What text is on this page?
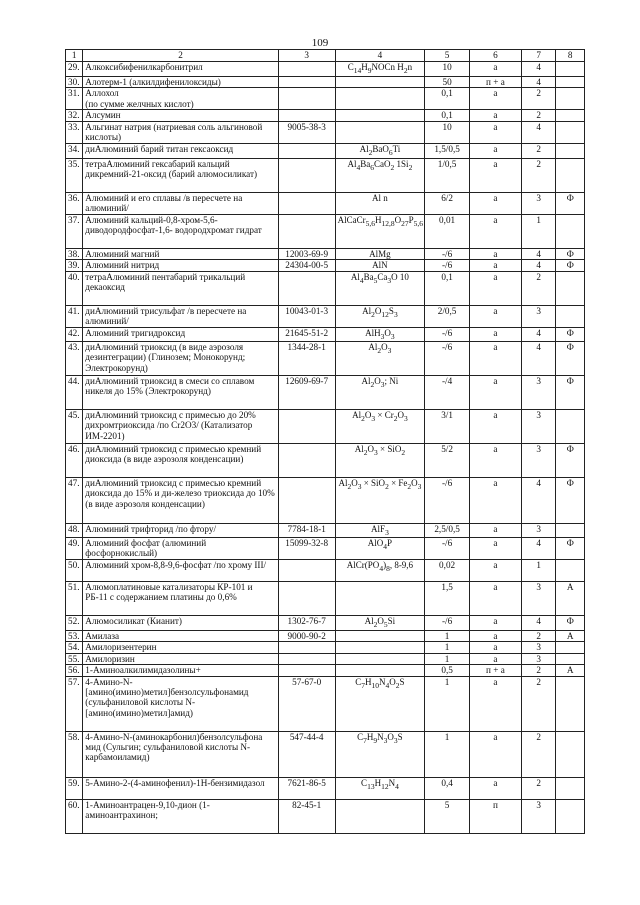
109
1	2	3	4	5	6	7	8
29.	Алкоксибифенилкарбонитрил		$C_{14}H_9NOCn$ $H_2n$	10	а	4	
30.	Алотерм-1 (алкилдифенилоксиды)			50	п + а	4	
31.	Аллохол
(по сумме желчных кислот)			0,1	а	2	
32.	Алсумин			0,1	а	2	
33.	Альгинат натрия (натриевая соль альгиновой кислоты)	9005-38-3		10	а	4	
34.	диАлюминий барий титан гексаоксид		$Al_2BaO_6Ti$	1,5/0,5	а	2	
35.	тетраАлюминий гексабарий кальций дикремний-21-оксид (барий алюмосиликат)		$Al_4Ba_6CaO_2$ $1Si_2$	1/0,5	а	2	
36.	Алюминий и его сплавы /в пересчете на алюминий/		Al n	6/2	а	3	Ф
37.	Алюминий кальций-0,8-хром-5,6-диводородфосфат-1,6- водородхромат гидрат		$AlCaCr_{5,6}H_{12,8}O_{27}P_{5,6}$	0,01	а	1	
38.	Алюминий магний	12003-69-9	AlMg	-/6	а	4	Ф
39.	Алюминий нитрид	24304-00-5	AlN	-/6	а	4	Ф
40.	тетраАлюминий пентабарий трикальций декаоксид		$Al_4Ba_5Ca_3O$ 10	0,1	а	2	
41.	диАлюминий трисульфат /в пересчете на алюминий/	10043-01-3	$Al_2O_{12}S_3$	2/0,5	а	3	
42.	Алюминий тригидроксид	21645-51-2	$AlH_3O_3$	-/6	а	4	Ф
43.	диАлюминий триоксид (в виде аэрозоля дезинтеграции) (Глинозем; Монокорунд; Электрокорунд)	1344-28-1	$Al_2O_3$	-/6	а	4	Ф
44.	диАлюминий триоксид в смеси со сплавом никеля до 15% (Электрокорунд)	12609-69-7	$Al_2O_3$; Ni	-/4	а	3	Ф
45.	диАлюминий триоксид с примесью до 20% дихромтриоксида /по Cr2O3/ (Катализатор ИМ-2201)		$Al_2O_3 \times Cr_2O_3$	3/1	а	3	
46.	диАлюминий триоксид с примесью кремний диоксида (в виде аэрозоля конденсации)		$Al_2O_3 \times SiO_2$	5/2	а	3	Ф
47.	диАлюминий триоксид с примесью кремний диоксида до 15% и ди-железо триоксида до 10% (в виде аэрозоля конденсации)		$Al_2O_3 \times SiO_2 \times Fe_2O_3$	-/6	а	4	Ф
48.	Алюминий трифторид /по фтору/	7784-18-1	AlF$_3$	2,5/0,5	а	3	
49.	Алюминий фосфат (алюминий фосфорнокислый)	15099-32-8	AlO$_4$P	-/6	а	4	Ф
50.	Алюминий хром-8,8-9,6-фосфат /по хрому III/		$AlCr(PO_4)_8$, 8-9,6	0,02	а	1	
51.	Алюмоплатиновые катализаторы КР-101 и РБ-11 с содержанием платины до 0,6%			1,5	а	3	А
52.	Алюмосиликат (Кианит)	1302-76-7	$Al_2O_5Si$	-/6	а	4	Ф
53.	Амилаза	9000-90-2		1	а	2	А
54.	Амилоризентерин			1	а	3	
55.	Амилоризин			1	а	3	
56.	1-Аминоалкилимидазолины+			0,5	п + а	2	А
57.	4-Амино-N-[амино(имино)метил]бензолсульфонамид (сульфаниловой кислоты N-[амино(имино)метил]амид)	57-67-0	$C_7H_{10}N_4O_2S$	1	а	2	
58.	4-Амино-N-(аминокарбонил)бензолсульфона мид (Сульгин; сульфаниловой кислоты N-карбамоиламид)	547-44-4	$C_7H_9N_3O_3S$	1	а	2	
59.	5-Амино-2-(4-аминофенил)-1Н-бензимидазол	7621-86-5	$C_{13}H_{12}N_4$	0,4	а	2	
60.	1-Аминоантрацен-9,10-дион (1-аминоантрахинон;	82-45-1		5	п	3	
